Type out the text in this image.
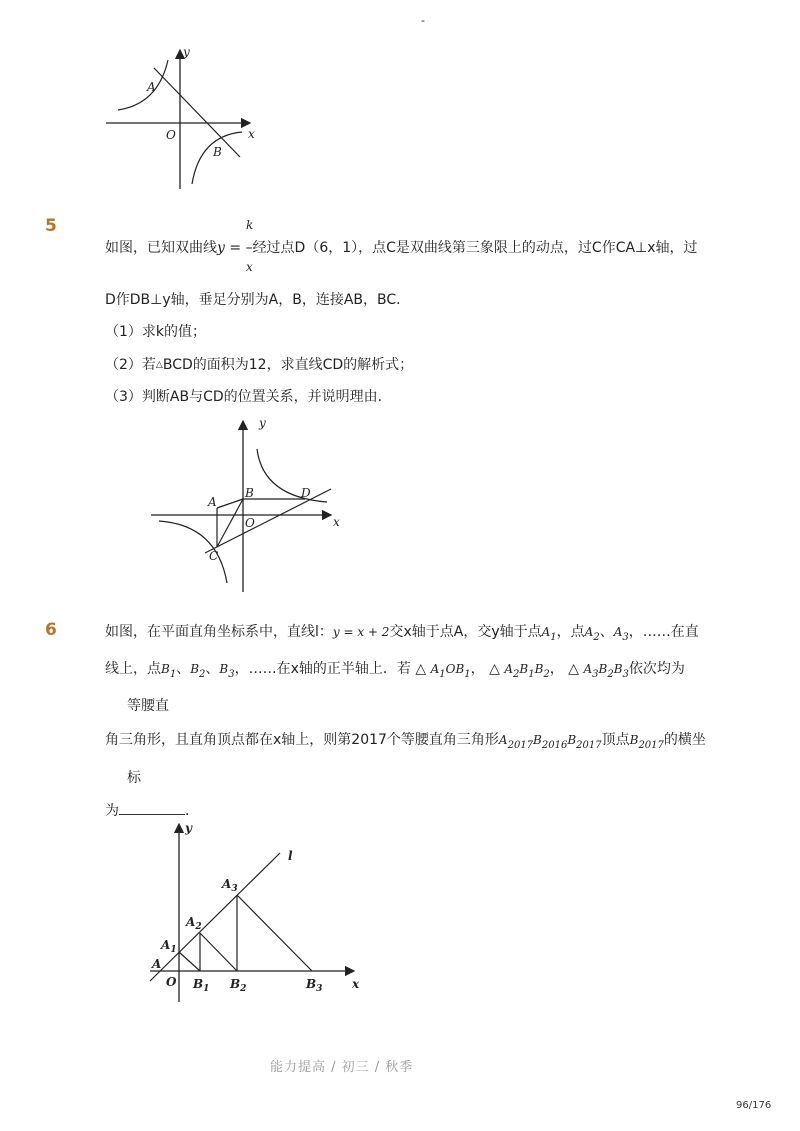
-
y
x
O
A
B
5	k
x
如图，已知双曲线y = –经过点D（6，1），点C是双曲线第三象限上的动点，过C作CA⊥x轴，过
D作DB⊥y轴，垂足分别为A，B，连接AB，BC．
（1）求k的值；
（2）若△BCD的面积为12，求直线CD的解析式；
（3）判断AB与CD的位置关系，并说明理由．
y
x
O
A
B
C
D
6	如图，在平面直角坐标系中，直线l：y = x + 2交x轴于点A，交y轴于点$A_1$，点$A_2$、$A_3$，……在直
线上，点$B_1$、$B_2$、$B_3$，……在x轴的正半轴上．若 △ $A_1OB_1$， △ $A_2B_1B_2$， △ $A_3B_2B_3$依次均为
等腰直
角三角形，且直角顶点都在x轴上，则第2017个等腰直角三角形$A_{2017}B_{2016}B_{2017}$顶点$B_{2017}$的横坐
标
为	．
y
x
O
l
A
$A_1$
$A_2$
$A_3$
$B_1$ $B_2$	$B_3$
能力提高 / 初三 / 秋季
96/176
